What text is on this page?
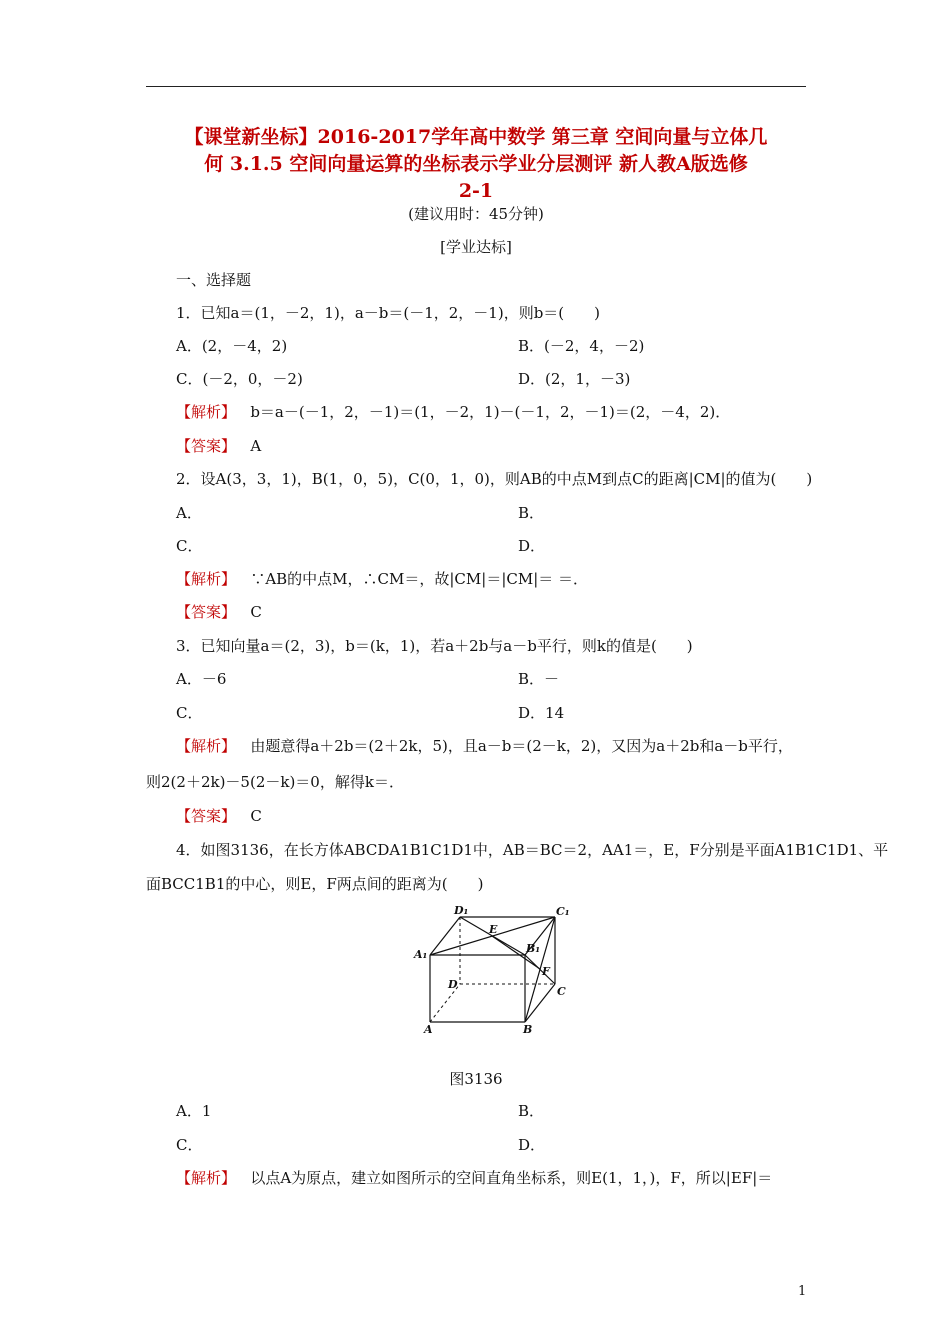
【课堂新坐标】2016-2017学年高中数学 第三章 空间向量与立体几
何 3.1.5 空间向量运算的坐标表示学业分层测评 新人教A版选修
2-1
(建议用时：45分钟)
[学业达标]
一、选择题
1．已知a＝(1，－2，1)，a－b＝(－1，2，－1)，则b＝(　　)
A．(2，－4，2)	B．(－2，4，－2)
C．(－2，0，－2)	D．(2，1，－3)
【解析】 b＝a－(－1，2，－1)＝(1，－2，1)－(－1，2，－1)＝(2，－4，2)．
【答案】 A
2．设A(3，3，1)，B(1，0，5)，C(0，1，0)，则AB的中点M到点C的距离|CM|的值为(　　)
A．	B．
C．	D．
【解析】 ∵AB的中点M，∴CM＝，故|CM|＝|CM|＝ ＝．
【答案】 C
3．已知向量a＝(2，3)，b＝(k，1)，若a＋2b与a－b平行，则k的值是(　　)
A．－6	B．－
C．	D．14
【解析】 由题意得a＋2b＝(2＋2k，5)，且a－b＝(2－k，2)，又因为a＋2b和a－b平行，
则2(2＋2k)－5(2－k)＝0，解得k＝．
【答案】 C
4．如图3136，在长方体ABCDA1B1C1D1中，AB＝BC＝2，AA1＝，E，F分别是平面A1B1C1D1、平
面BCC1B1的中心，则E，F两点间的距离为(　　)
D₁	C₁
A₁	B₁
E
F
D
C
A	B
图3136
A．1	B．
C．	D．
【解析】 以点A为原点，建立如图所示的空间直角坐标系，则E(1，1，)，F，所以|EF|＝
1
